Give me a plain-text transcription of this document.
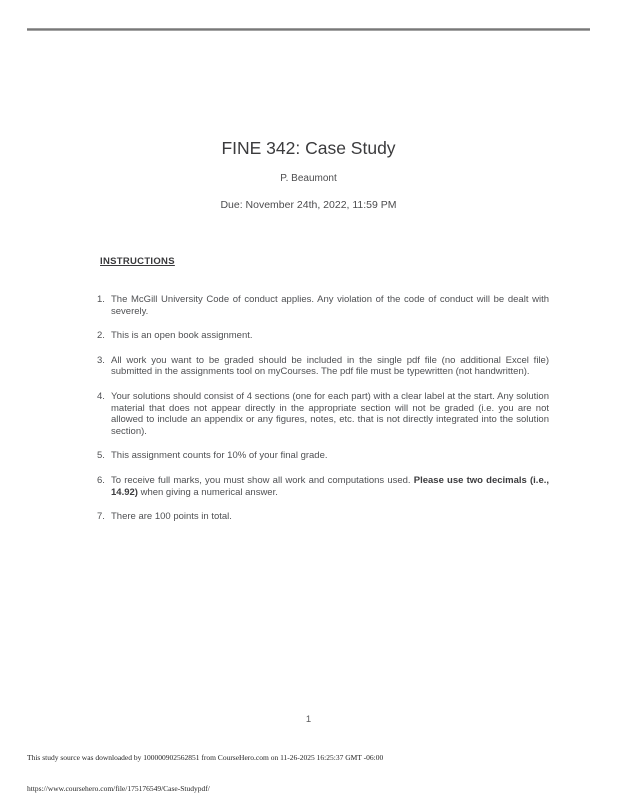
FINE 342: Case Study
P. Beaumont
Due: November 24th, 2022, 11:59 PM
INSTRUCTIONS
1. The McGill University Code of conduct applies. Any violation of the code of conduct will be dealt with severely.
2. This is an open book assignment.
3. All work you want to be graded should be included in the single pdf file (no additional Excel file) submitted in the assignments tool on myCourses. The pdf file must be typewritten (not handwritten).
4. Your solutions should consist of 4 sections (one for each part) with a clear label at the start. Any solution material that does not appear directly in the appropriate section will not be graded (i.e. you are not allowed to include an appendix or any figures, notes, etc. that is not directly integrated into the solution section).
5. This assignment counts for 10% of your final grade.
6. To receive full marks, you must show all work and computations used. Please use two decimals (i.e., 14.92) when giving a numerical answer.
7. There are 100 points in total.
1
This study source was downloaded by 100000902562851 from CourseHero.com on 11-26-2025 16:25:37 GMT -06:00
https://www.coursehero.com/file/175176549/Case-Studypdf/
